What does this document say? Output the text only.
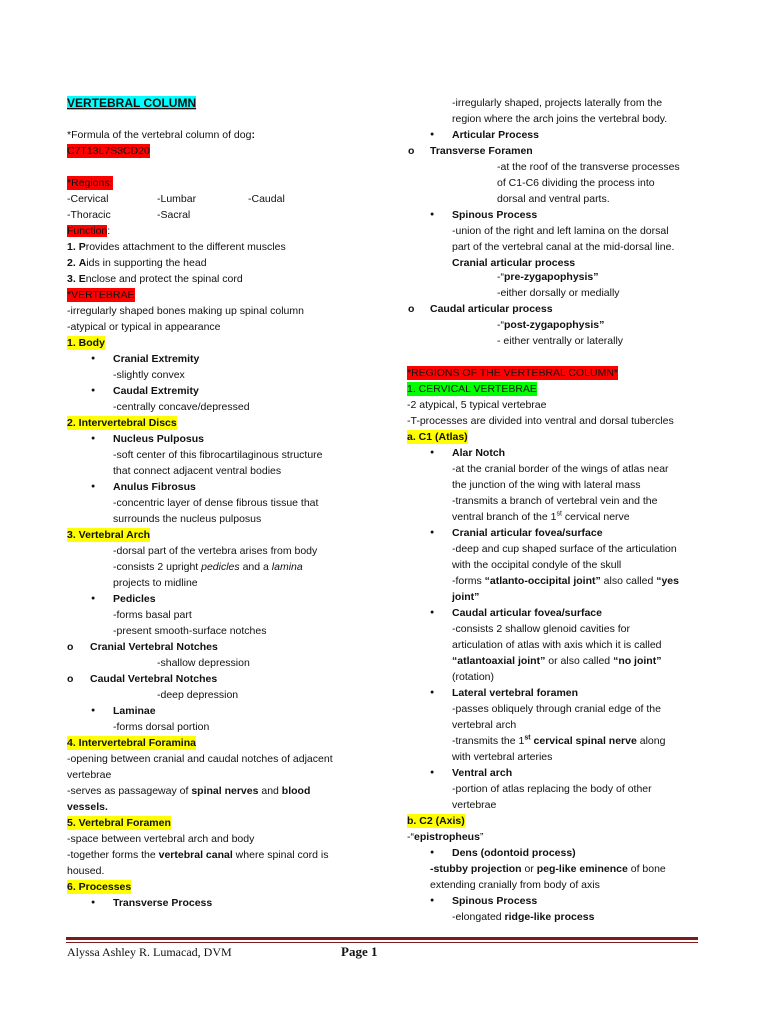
VERTEBRAL COLUMN
*Formula of the vertebral column of dog:
C7T13L7S3CD20
*Regions:
-Cervical	-Lumbar	-Caudal
-Thoracic	-Sacral
Function:
1. Provides attachment to the different muscles
2. Aids in supporting the head
3. Enclose and protect the spinal cord
*VERTEBRAE
-irregularly shaped bones making up spinal column
-atypical or typical in appearance
1. Body
● Cranial Extremity
-slightly convex
● Caudal Extremity
-centrally concave/depressed
2. Intervertebral Discs
● Nucleus Pulposus
-soft center of this fibrocartilaginous structure
that connect adjacent ventral bodies
● Anulus Fibrosus
-concentric layer of dense fibrous tissue that
surrounds the nucleus pulposus
3. Vertebral Arch
-dorsal part of the vertebra arises from body
-consists 2 upright pedicles and a lamina
projects to midline
● Pedicles
-forms basal part
-present smooth-surface notches
o Cranial Vertebral Notches
-shallow depression
o Caudal Vertebral Notches
-deep depression
● Laminae
-forms dorsal portion
4. Intervertebral Foramina
-opening between cranial and caudal notches of adjacent
vertebrae
-serves as passageway of spinal nerves and blood
vessels.
5. Vertebral Foramen
-space between vertebral arch and body
-together forms the vertebral canal where spinal cord is
housed.
6. Processes
● Transverse Process
-irregularly shaped, projects laterally from the
region where the arch joins the vertebral body.
● Articular Process
o Transverse Foramen
-at the roof of the transverse processes
of C1-C6 dividing the process into
dorsal and ventral parts.
● Spinous Process
-union of the right and left lamina on the dorsal
part of the vertebral canal at the mid-dorsal line.
Cranial articular process
-“pre-zygapophysis”
-either dorsally or medially
o Caudal articular process
-“post-zygapophysis”
- either ventrally or laterally
*REGIONS OF THE VERTEBRAL COLUMN*
1. CERVICAL VERTEBRAE
-2 atypical, 5 typical vertebrae
-T-processes are divided into ventral and dorsal tubercles
a. C1 (Atlas)
● Alar Notch
-at the cranial border of the wings of atlas near
the junction of the wing with lateral mass
-transmits a branch of vertebral vein and the
ventral branch of the 1st cervical nerve
● Cranial articular fovea/surface
-deep and cup shaped surface of the articulation
with the occipital condyle of the skull
-forms “atlanto-occipital joint” also called “yes
joint”
● Caudal articular fovea/surface
-consists 2 shallow glenoid cavities for
articulation of atlas with axis which it is called
“atlantoaxial joint” or also called “no joint”
(rotation)
● Lateral vertebral foramen
-passes obliquely through cranial edge of the
vertebral arch
-transmits the 1st cervical spinal nerve along
with vertebral arteries
● Ventral arch
-portion of atlas replacing the body of other
vertebrae
b. C2 (Axis)
-“epistropheus”
● Dens (odontoid process)
-stubby projection or peg-like eminence of bone
extending cranially from body of axis
● Spinous Process
-elongated ridge-like process
Alyssa Ashley R. Lumacad, DVM	Page 1
